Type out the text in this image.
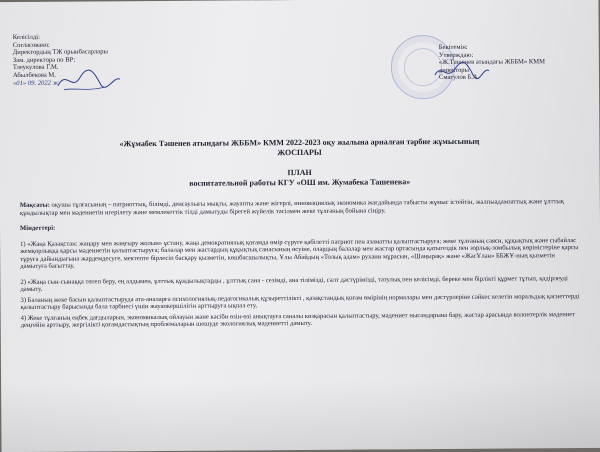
Келісілді:
Согласовано:
Директордың ТЖ орынбасарлары
Зам. директора по ВР:
Тлеукулова Г.М.
Абылбекова М.
«01» 09. 2022 ж
Бекітемін:
Утверждаю:
«Ж.Тәшенев атындағы ЖББМ» КММ
директоры
Смагулов Б.А.
«Жұмабек Тәшенев атындағы ЖББМ» КММ 2022-2023 оқу жылына арналған тәрбие жұмысының
ЖОСПАРЫ
ПЛАН
воспитательной работы КГУ «ОШ им. Жумабека Ташенева»

Мақсаты: оқушы тұлғасының – патриоттық, білімді, денсаулығы мықты, жауапты және жігерлі, инновациялық экономика жағдайында табысты жұмыс істейтін, жалпыадамзаттық және ұлттық құндылықтар мен мәдениетін игерілету және мемлекеттік тілді дамытуды бірегей жүйелік тәсілмен жеке тұлғаның бойына сіңіру.

Міндеттері:

1) «Жаңа Қазақстан: жаңару мен жаңғыру жолын» ұстану, жаңа демократиялық қоғамда өмір сүруге қабілетті патриот пен азаматты қалыптастыруға; жеке тұлғаның саяси, құқықтық және сыбайлас жемқорлыққа қарсы мәдениетін қалыптастыруға; балалар мен жастардың құқықтық санасының өсуіне, олардың балалар мен жастар ортасында қатыгездік пен зорлық-зомбылық көріністеріне қарсы тұруға дайындығына жәрдемдесуге, мектепте бірлесіп басқару қызметін, көшбасшылықты, Ұлы Абайдың «Толық адам» рухани мұрасын, «Шаңырақ» және «ЖасҰлан» ББЖҰ-ның қызметін дамытуға бағыттау.

2) «Жаңа сын-сынаққа төтеп беру, ең алдымен, ұлттық құндылықтарды , ұлттық сана - сезімді, ана тілімізді, салт дәстүрімізді, татулық пен келісімді, береке мен бірлікті құрмет тұтып, қадірлеуді дамыту.

3) Баланың жеке басын қалыптастыруда ата-аналарға психологиялық-педагогикалық құзыреттілікті , қазақстандық қоғам өмірінің нормалары мен дәстүрлеріне сәйкес келетін моральдық қасиеттерді қалыптастыру барысында бала тәрбиесі үшін жауапкершілігін арттыруға ықпал ету.

4) Жеке тұлғаның еңбек дағдыларын, экономикалық ойлауын және кәсіби өзін-өзі анықтауға саналы көзқарасын қалыптастыру, мәдениет нысандарына бару, жастар арасында волонтерлік мәдениет деңгейін арттыру, жергілікті қоғамдастықтың проблемаларын шешуде экологиялық мәдениетті дамыту.
